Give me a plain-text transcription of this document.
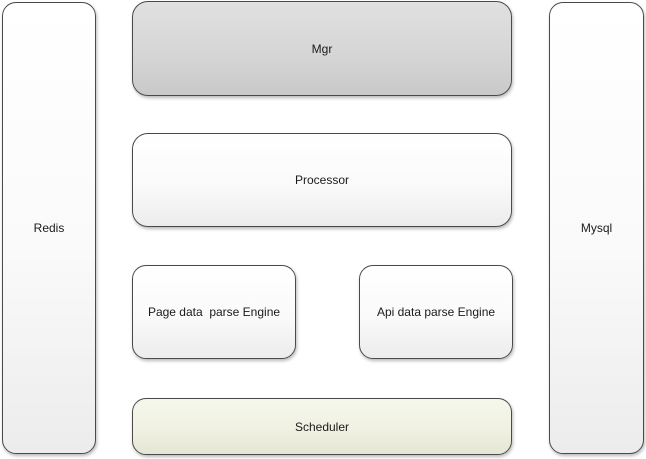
Redis
Mgr
Processor
Page data  parse Engine	Api data parse Engine
Scheduler
Mysql
